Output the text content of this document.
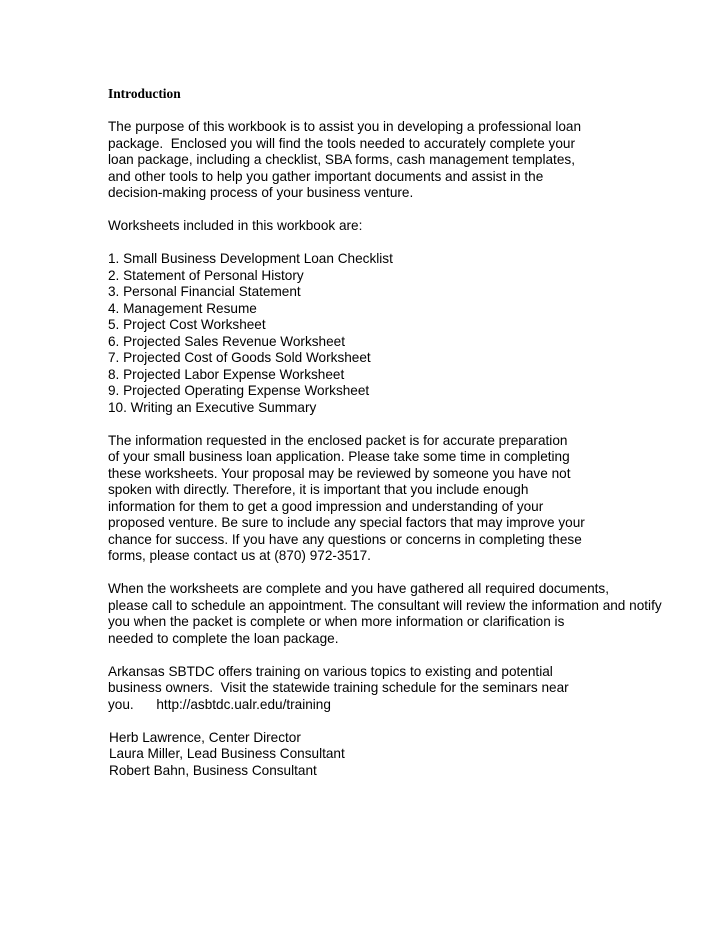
Introduction
The purpose of this workbook is to assist you in developing a professional loan
package.  Enclosed you will find the tools needed to accurately complete your
loan package, including a checklist, SBA forms, cash management templates,
and other tools to help you gather important documents and assist in the
decision-making process of your business venture.
Worksheets included in this workbook are:
1. Small Business Development Loan Checklist
2. Statement of Personal History
3. Personal Financial Statement
4. Management Resume
5. Project Cost Worksheet
6. Projected Sales Revenue Worksheet
7. Projected Cost of Goods Sold Worksheet
8. Projected Labor Expense Worksheet
9. Projected Operating Expense Worksheet
10. Writing an Executive Summary
The information requested in the enclosed packet is for accurate preparation
of your small business loan application. Please take some time in completing
these worksheets. Your proposal may be reviewed by someone you have not
spoken with directly. Therefore, it is important that you include enough
information for them to get a good impression and understanding of your
proposed venture. Be sure to include any special factors that may improve your
chance for success. If you have any questions or concerns in completing these
forms, please contact us at (870) 972-3517.
When the worksheets are complete and you have gathered all required documents,
please call to schedule an appointment. The consultant will review the information and notify
you when the packet is complete or when more information or clarification is
needed to complete the loan package.
Arkansas SBTDC offers training on various topics to existing and potential
business owners.  Visit the statewide training schedule for the seminars near
you.      http://asbtdc.ualr.edu/training
Herb Lawrence, Center Director
Laura Miller, Lead Business Consultant
Robert Bahn, Business Consultant
